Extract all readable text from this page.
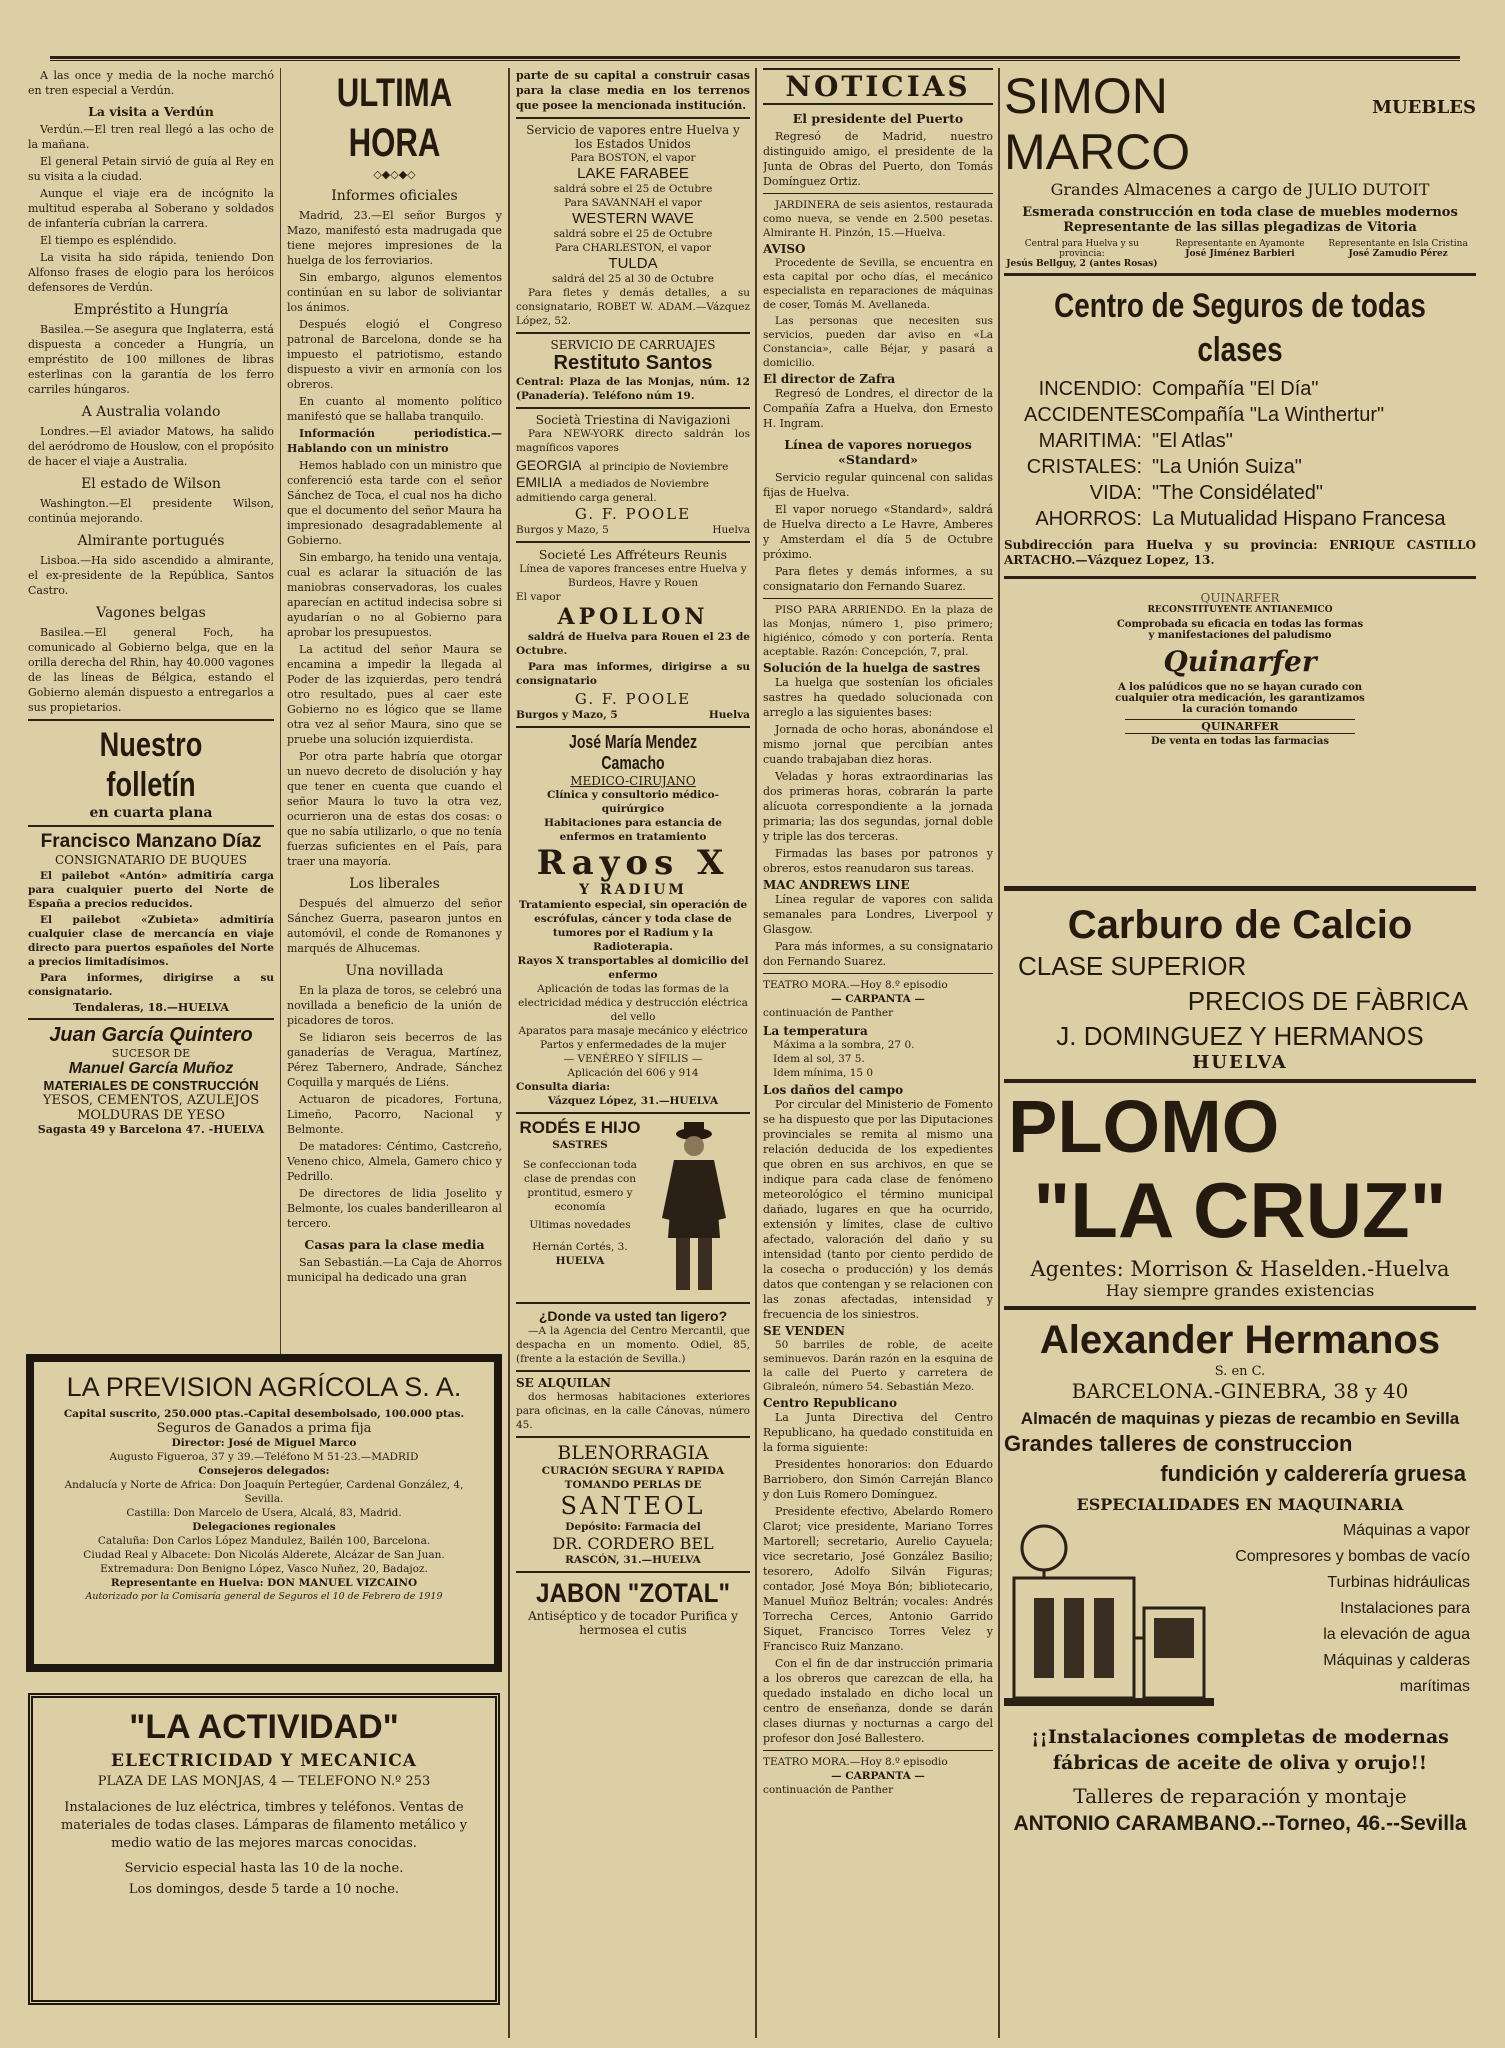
A las once y media de la noche marchó en tren especial a Verdún.

La visita a Verdún

Verdún.—El tren real llegó a las ocho de la mañana.

El general Petain sirvió de guía al Rey en su visita a la ciudad.

Aunque el viaje era de incógnito la multitud esperaba al Soberano y soldados de infantería cubrían la carrera.

El tiempo es espléndido.

La visita ha sido rápida, teniendo Don Alfonso frases de elogio para los heróicos defensores de Verdún.

Empréstito a Hungría

Basilea.—Se asegura que Inglaterra, está dispuesta a conceder a Hungría, un empréstito de 100 millones de libras esterlinas con la garantía de los ferro carriles húngaros.

A Australia volando

Londres.—El aviador Matows, ha salido del aeródromo de Houslow, con el propósito de hacer el viaje a Australia.

El estado de Wilson

Washington.—El presidente Wilson, continúa mejorando.

Almirante portugués

Lisboa.—Ha sido ascendido a almirante, el ex-presidente de la República, Santos Castro.

Vagones belgas

Basilea.—El general Foch, ha comunicado al Gobierno belga, que en la orilla derecha del Rhin, hay 40.000 vagones de las líneas de Bélgica, estando el Gobierno alemán dispuesto a entregarlos a sus propietarios.

Nuestro folletín
en cuarta plana
Francisco Manzano Díaz
CONSIGNATARIO DE BUQUES

El pailebot «Antón» admitiría carga para cualquier puerto del Norte de España a precios reducidos.

El pailebot «Zubieta» admitiría cualquier clase de mercancía en viaje directo para puertos españoles del Norte a precios limitadísimos.

Para informes, dirigirse a su consignatario.

Tendaleras, 18.—HUELVA
Juan García Quintero
SUCESOR DE
Manuel García Muñoz
MATERIALES DE CONSTRUCCIÓN
YESOS, CEMENTOS, AZULEJOS
MOLDURAS DE YESO
Sagasta 49 y Barcelona 47. -HUELVA
ULTIMA HORA
◇◆◇◆◇
Informes oficiales

Madrid, 23.—El señor Burgos y Mazo, manifestó esta madrugada que tiene mejores impresiones de la huelga de los ferroviarios.

Sin embargo, algunos elementos continúan en su labor de soliviantar los ánimos.

Después elogió el Congreso patronal de Barcelona, donde se ha impuesto el patriotismo, estando dispuesto a vivir en armonía con los obreros.

En cuanto al momento político manifestó que se hallaba tranquilo.

Información periodística.—Hablando con un ministro

Hemos hablado con un ministro que conferenció esta tarde con el señor Sánchez de Toca, el cual nos ha dicho que el documento del señor Maura ha impresionado desagradablemente al Gobierno.

Sin embargo, ha tenido una ventaja, cual es aclarar la situación de las maniobras conservadoras, los cuales aparecían en actitud indecisa sobre si ayudarían o no al Gobierno para aprobar los presupuestos.

La actitud del señor Maura se encamina a impedir la llegada al Poder de las izquierdas, pero tendrá otro resultado, pues al caer este Gobierno no es lógico que se llame otra vez al señor Maura, sino que se pruebe una solución izquierdista.

Por otra parte habría que otorgar un nuevo decreto de disolución y hay que tener en cuenta que cuando el señor Maura lo tuvo la otra vez, ocurrieron una de estas dos cosas: o que no sabía utilizarlo, o que no tenía fuerzas suficientes en el País, para traer una mayoría.

Los liberales

Después del almuerzo del señor Sánchez Guerra, pasearon juntos en automóvil, el conde de Romanones y marqués de Alhucemas.

Una novillada

En la plaza de toros, se celebró una novillada a beneficio de la unión de picadores de toros.

Se lidiaron seis becerros de las ganaderías de Veragua, Martínez, Pérez Tabernero, Andrade, Sánchez Coquilla y marqués de Liéns.

Actuaron de picadores, Fortuna, Limeño, Pacorro, Nacional y Belmonte.

De matadores: Céntimo, Castcreño, Veneno chico, Almela, Gamero chico y Pedrillo.

De directores de lidia Joselito y Belmonte, los cuales banderillearon al tercero.

Casas para la clase media

San Sebastián.—La Caja de Ahorros municipal ha dedicado una gran

LA PREVISION AGRÍCOLA S. A.
Capital suscrito, 250.000 ptas.-Capital desembolsado, 100.000 ptas.
Seguros de Ganados a prima fija
Director: José de Miguel Marco
Augusto Figueroa, 37 y 39.—Teléfono M 51-23.—MADRID
Consejeros delegados:
Andalucía y Norte de Africa: Don Joaquín Pertegúer, Cardenal González, 4, Sevilla.
Castilla: Don Marcelo de Usera, Alcalá, 83, Madrid.
Delegaciones regionales
Cataluña: Don Carlos López Mandulez, Bailén 100, Barcelona.
Ciudad Real y Albacete: Don Nicolás Alderete, Alcázar de San Juan.
Extremadura: Don Benigno López, Vasco Nuñez, 20, Badajoz.
Representante en Huelva: DON MANUEL VIZCAINO
Autorizado por la Comisaría general de Seguros el 10 de Febrero de 1919
"LA ACTIVIDAD"
ELECTRICIDAD Y MECANICA
PLAZA DE LAS MONJAS, 4 — TELEFONO N.º 253

Instalaciones de luz eléctrica, timbres y teléfonos. Ventas de materiales de todas clases. Lámparas de filamento metálico y medio watio de las mejores marcas conocidas.

Servicio especial hasta las 10 de la noche.
Los domingos, desde 5 tarde a 10 noche.

parte de su capital a construir casas para la clase media en los terrenos que posee la mencionada institución.

Servicio de vapores entre Huelva y los Estados Unidos
Para BOSTON, el vapor
LAKE FARABEE
saldrá sobre el 25 de Octubre
Para SAVANNAH el vapor
WESTERN WAVE
saldrá sobre el 25 de Octubre
Para CHARLESTON, el vapor
TULDA
saldrá del 25 al 30 de Octubre

Para fletes y demás detalles, a su consignatario, ROBET W. ADAM.—Vázquez López, 52.

SERVICIO DE CARRUAJES
Restituto Santos

Central: Plaza de las Monjas, núm. 12 (Panadería). Teléfono núm 19.

Società Triestina di Navigazioni

Para NEW-YORK directo saldrán los magníficos vapores

GEORGIA al principio de Noviembre
EMILIA a mediados de Noviembre
admitiendo carga general.
G. F. POOLE
Burgos y Mazo, 5	Huelva
Societé Les Affréteurs Reunis
Línea de vapores franceses entre Huelva y Burdeos, Havre y Rouen
El vapor
APOLLON

saldrá de Huelva para Rouen el 23 de Octubre.

Para mas informes, dirigirse a su consignatario

G. F. POOLE
Burgos y Mazo, 5	Huelva
José María Mendez Camacho
MEDICO-CIRUJANO
Clínica y consultorio médico-quirúrgico
Habitaciones para estancia de enfermos en tratamiento
Rayos X
Y RADIUM
Tratamiento especial, sin operación de escrófulas, cáncer y toda clase de tumores por el Radium y la Radioterapia.
Rayos X transportables al domicilio del enfermo
Aplicación de todas las formas de la electricidad médica y destrucción eléctrica del vello
Aparatos para masaje mecánico y eléctrico
Partos y enfermedades de la mujer
— VENÉREO Y SÍFILIS —
Aplicación del 606 y 914
Consulta diaria:
Vázquez López, 31.—HUELVA
RODÉS E HIJO
SASTRES
Se confeccionan toda clase de prendas con prontitud, esmero y economía
Ultimas novedades
Hernán Cortés, 3.
HUELVA
¿Donde va usted tan ligero?

—A la Agencia del Centro Mercantil, que despacha en un momento. Odiel, 85, (frente a la estación de Sevilla.)

SE ALQUILAN

dos hermosas habitaciones exteriores para oficinas, en la calle Cánovas, número 45.

BLENORRAGIA
CURACIÓN SEGURA Y RAPIDA TOMANDO PERLAS DE
SANTEOL
Depósito: Farmacia del
DR. CORDERO BEL
RASCÓN, 31.—HUELVA
JABON "ZOTAL"
Antiséptico y de tocador Purifica y hermosea el cutis
NOTICIAS
El presidente del Puerto

Regresó de Madrid, nuestro distinguido amigo, el presidente de la Junta de Obras del Puerto, don Tomás Domínguez Ortiz.

JARDINERA de seis asientos, restaurada como nueva, se vende en 2.500 pesetas. Almirante H. Pinzón, 15.—Huelva.

AVISO

Procedente de Sevilla, se encuentra en esta capital por ocho días, el mecánico especialista en reparaciones de máquinas de coser, Tomás M. Avellaneda.

Las personas que necesiten sus servicios, pueden dar aviso en «La Constancia», calle Béjar, y pasará a domicilio.

El director de Zafra

Regresó de Londres, el director de la Compañía Zafra a Huelva, don Ernesto H. Ingram.

Línea de vapores noruegos «Standard»

Servicio regular quincenal con salidas fijas de Huelva.

El vapor noruego «Standard», saldrá de Huelva directo a Le Havre, Amberes y Amsterdam el día 5 de Octubre próximo.

Para fletes y demás informes, a su consignatario don Fernando Suarez.

PISO PARA ARRIENDO. En la plaza de las Monjas, número 1, piso primero; higiénico, cómodo y con portería. Renta aceptable. Razón: Concepción, 7, pral.

Solución de la huelga de sastres

La huelga que sostenían los oficiales sastres ha quedado solucionada con arreglo a las siguientes bases:

Jornada de ocho horas, abonándose el mismo jornal que percibían antes cuando trabajaban diez horas.

Veladas y horas extraordinarias las dos primeras horas, cobrarán la parte alícuota correspondiente a la jornada primaria; las dos segundas, jornal doble y triple las dos terceras.

Firmadas las bases por patronos y obreros, estos reanudaron sus tareas.

MAC ANDREWS LINE

Línea regular de vapores con salida semanales para Londres, Liverpool y Glasgow.

Para más informes, a su consignatario don Fernando Suarez.

TEATRO MORA.—Hoy 8.º episodio
— CARPANTA —
continuación de Panther
La temperatura
Máxima a la sombra, 27 0.
Idem al sol, 37 5.
Idem mínima, 15 0
Los daños del campo

Por circular del Ministerio de Fomento se ha dispuesto que por las Diputaciones provinciales se remita al mismo una relación deducida de los expedientes que obren en sus archivos, en que se indique para cada clase de fenómeno meteorológico el término municipal dañado, lugares en que ha ocurrido, extensión y límites, clase de cultivo afectado, valoración del daño y su intensidad (tanto por ciento perdido de la cosecha o producción) y los demás datos que contengan y se relacionen con las zonas afectadas, intensidad y frecuencia de los siniestros.

SE VENDEN

50 barriles de roble, de aceite seminuevos. Darán razón en la esquina de la calle del Puerto y carretera de Gibraleón, número 54. Sebastián Mezo.

Centro Republicano

La Junta Directiva del Centro Republicano, ha quedado constituida en la forma siguiente:

Presidentes honorarios: don Eduardo Barriobero, don Simón Carreján Blanco y don Luis Romero Domínguez.

Presidente efectivo, Abelardo Romero Clarot; vice presidente, Mariano Torres Martorell; secretario, Aurelio Cayuela; vice secretario, José González Basilio; tesorero, Adolfo Silván Figuras; contador, José Moya Bón; bibliotecario, Manuel Muñoz Beltrán; vocales: Andrés Torrecha Cerces, Antonio Garrido Siquet, Francisco Torres Velez y Francisco Ruiz Manzano.

Con el fin de dar instrucción primaria a los obreros que carezcan de ella, ha quedado instalado en dicho local un centro de enseñanza, donde se darán clases diurnas y nocturnas a cargo del profesor don José Ballestero.

TEATRO MORA.—Hoy 8.º episodio
— CARPANTA —
continuación de Panther
SIMON MARCO
MUEBLES
Grandes Almacenes a cargo de JULIO DUTOIT
Esmerada construcción en toda clase de muebles modernos
Representante de las sillas plegadizas de Vitoria
Central para Huelva y su provincia:
Jesús Bellguy, 2 (antes Rosas)
Representante en Ayamonte
José Jiménez Barbieri
Representante en Isla Cristina
José Zamudio Pérez
Centro de Seguros de todas clases
INCENDIO: Compañía "El Día"
ACCIDENTES:
Compañía "La Winthertur"
MARITIMA: "El Atlas"
CRISTALES: "La Unión Suiza"
VIDA: "The Considélated"
AHORROS: La Mutualidad Hispano Francesa

Subdirección para Huelva y su provincia: ENRIQUE CASTILLO ARTACHO.—Vázquez Lopez, 13.

QUINARFER
RECONSTITUYENTE ANTIANEMICO
Comprobada su eficacia en todas las formas y manifestaciones del paludismo
Quinarfer
A los palúdicos que no se hayan curado con cualquier otra medicación, les garantizamos la curación tomando
QUINARFER
De venta en todas las farmacias
Carburo de Calcio
CLASE SUPERIOR
PRECIOS DE FÀBRICA
J. DOMINGUEZ Y HERMANOS
HUELVA
PLOMO
"LA CRUZ"
Agentes: Morrison & Haselden.-Huelva
Hay siempre grandes existencias
Alexander Hermanos
S. en C.
BARCELONA.-GINEBRA, 38 y 40
Almacén de maquinas y piezas de recambio en Sevilla
Grandes talleres de construccion
fundición y calderería gruesa
ESPECIALIDADES EN MAQUINARIA
Máquinas a vapor
Compresores y bombas de vacío
Turbinas hidráulicas
Instalaciones para
la elevación de agua
Máquinas y calderas
marítimas
¡¡Instalaciones completas de modernas fábricas de aceite de oliva y orujo!!
Talleres de reparación y montaje
ANTONIO CARAMBANO.--Torneo, 46.--Sevilla
